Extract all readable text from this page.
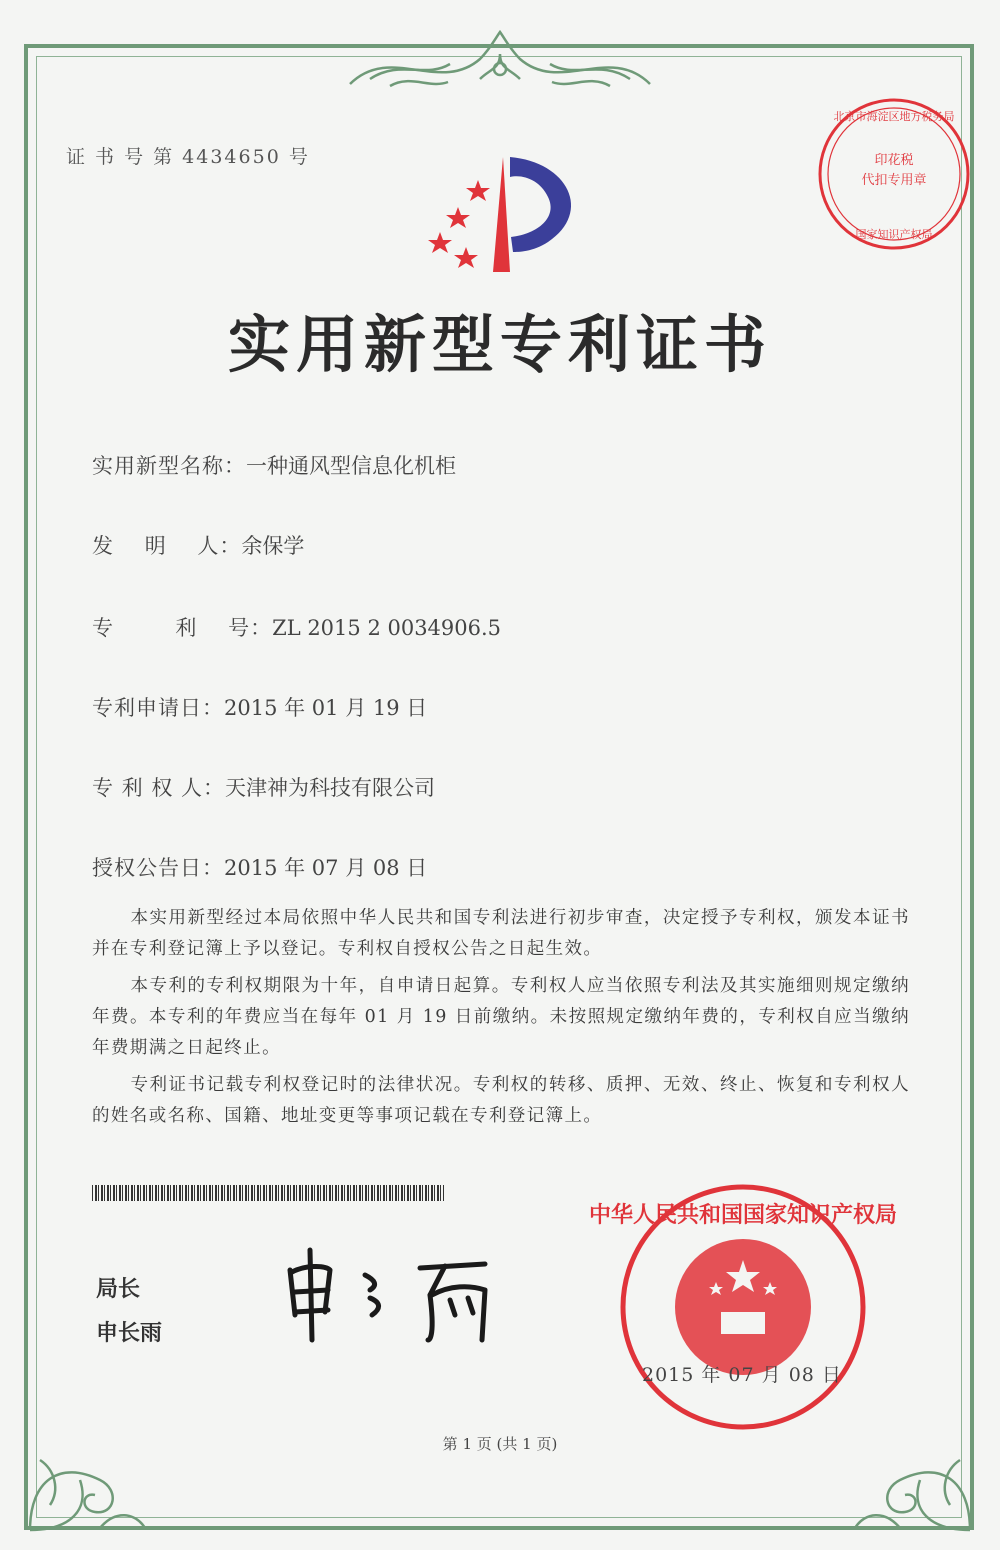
证 书 号 第 4434650 号	印花税
代扣专用章
北京市海淀区地方税务局
国家知识产权局
实用新型专利证书
实用新型名称：一种通风型信息化机柜
发    明    人：余保学
专        利    号：ZL 2015 2 0034906.5
专利申请日：2015 年 01 月 19 日
专 利 权 人：天津神为科技有限公司
授权公告日：2015 年 07 月 08 日

本实用新型经过本局依照中华人民共和国专利法进行初步审查，决定授予专利权，颁发本证书并在专利登记簿上予以登记。专利权自授权公告之日起生效。

本专利的专利权期限为十年，自申请日起算。专利权人应当依照专利法及其实施细则规定缴纳年费。本专利的年费应当在每年 01 月 19 日前缴纳。未按照规定缴纳年费的，专利权自应当缴纳年费期满之日起终止。

专利证书记载专利权登记时的法律状况。专利权的转移、质押、无效、终止、恢复和专利权人的姓名或名称、国籍、地址变更等事项记载在专利登记簿上。

局长
申长雨
中华人民共和国国家知识产权局
2015 年 07 月 08 日
第 1 页 (共 1 页)
